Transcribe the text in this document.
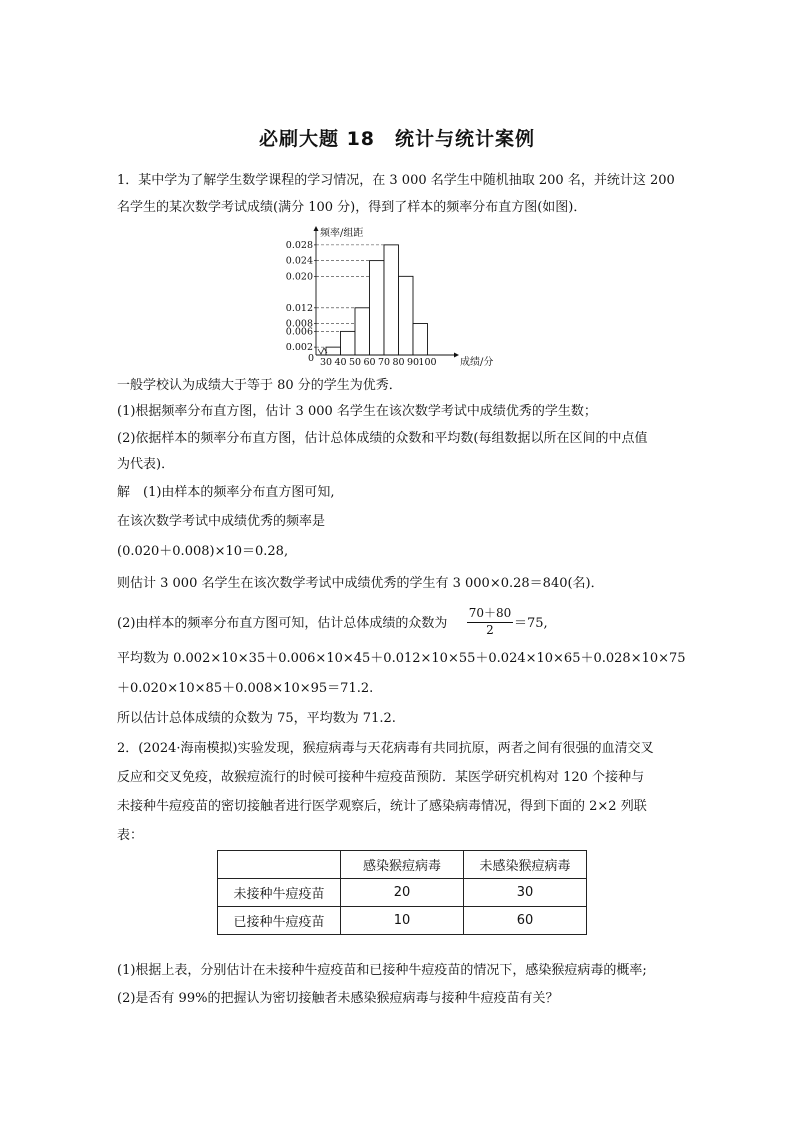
必刷大题 18　统计与统计案例
1．某中学为了解学生数学课程的学习情况，在 3 000 名学生中随机抽取 200 名，并统计这 200
名学生的某次数学考试成绩(满分 100 分)，得到了样本的频率分布直方图(如图)．
0.002
0.006
0.008
0.012
0.020
0.024
0.028
30 40 50 60 70 80 90 100
0
频率/组距
成绩/分
一般学校认为成绩大于等于 80 分的学生为优秀．
(1)根据频率分布直方图，估计 3 000 名学生在该次数学考试中成绩优秀的学生数；
(2)依据样本的频率分布直方图，估计总体成绩的众数和平均数(每组数据以所在区间的中点值
为代表)．
解　(1)由样本的频率分布直方图可知,
在该次数学考试中成绩优秀的频率是
(0.020＋0.008)×10＝0.28,
则估计 3 000 名学生在该次数学考试中成绩优秀的学生有 3 000×0.28＝840(名)．
(2)由样本的频率分布直方图可知，估计总体成绩的众数为 $\frac{70+80}{2} =75$,
平均数为 0.002×10×35＋0.006×10×45＋0.012×10×55＋0.024×10×65＋0.028×10×75
＋0.020×10×85＋0.008×10×95＝71.2.
所以估计总体成绩的众数为 75，平均数为 71.2.
2．(2024·海南模拟)实验发现，猴痘病毒与天花病毒有共同抗原，两者之间有很强的血清交叉
反应和交叉免疫，故猴痘流行的时候可接种牛痘疫苗预防．某医学研究机构对 120 个接种与
未接种牛痘疫苗的密切接触者进行医学观察后，统计了感染病毒情况，得到下面的 2×2 列联
表：
	感染猴痘病毒	未感染猴痘病毒
未接种牛痘疫苗	20	30
已接种牛痘疫苗	10	60
(1)根据上表，分别估计在未接种牛痘疫苗和已接种牛痘疫苗的情况下，感染猴痘病毒的概率;
(2)是否有 99%的把握认为密切接触者未感染猴痘病毒与接种牛痘疫苗有关？
